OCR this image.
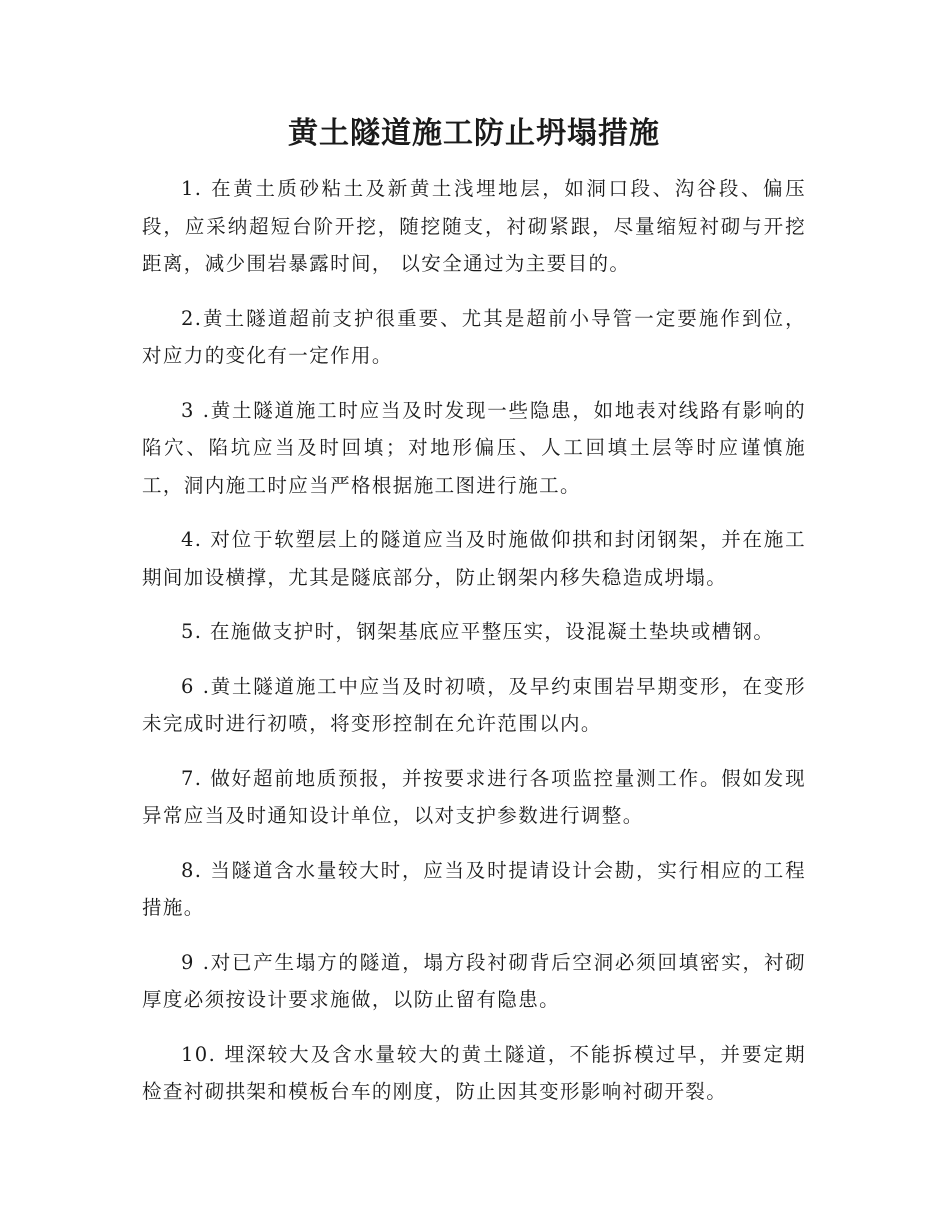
黄土隧道施工防止坍塌措施

1. 在黄土质砂粘土及新黄土浅埋地层，如洞口段、沟谷段、偏压段，应采纳超短台阶开挖，随挖随支，衬砌紧跟，尽量缩短衬砌与开挖距离，减少围岩暴露时间， 以安全通过为主要目的。

2.黄土隧道超前支护很重要、尤其是超前小导管一定要施作到位，对应力的变化有一定作用。

3 .黄土隧道施工时应当及时发现一些隐患，如地表对线路有影响的陷穴、陷坑应当及时回填；对地形偏压、人工回填土层等时应谨慎施工，洞内施工时应当严格根据施工图进行施工。

4. 对位于软塑层上的隧道应当及时施做仰拱和封闭钢架，并在施工期间加设横撑，尤其是隧底部分，防止钢架内移失稳造成坍塌。

5. 在施做支护时，钢架基底应平整压实，设混凝土垫块或槽钢。

6 .黄土隧道施工中应当及时初喷，及早约束围岩早期变形，在变形未完成时进行初喷，将变形控制在允许范围以内。

7. 做好超前地质预报，并按要求进行各项监控量测工作。假如发现异常应当及时通知设计单位，以对支护参数进行调整。

8. 当隧道含水量较大时，应当及时提请设计会勘，实行相应的工程措施。

9 .对已产生塌方的隧道，塌方段衬砌背后空洞必须回填密实，衬砌厚度必须按设计要求施做，以防止留有隐患。

10. 埋深较大及含水量较大的黄土隧道，不能拆模过早，并要定期检查衬砌拱架和模板台车的刚度，防止因其变形影响衬砌开裂。
